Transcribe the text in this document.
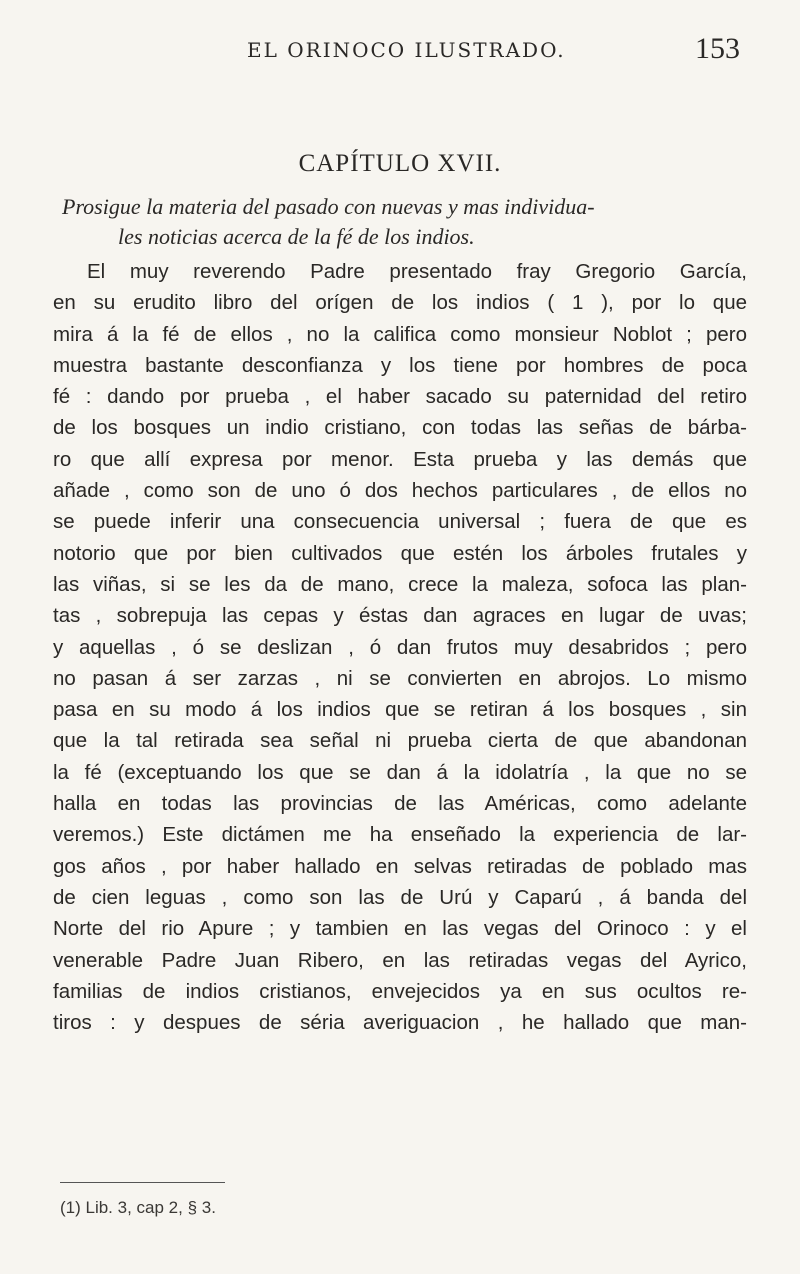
EL ORINOCO ILUSTRADO.	153
CAPÍTULO XVII.
Prosigue la materia del pasado con nuevas y mas individua-
les noticias acerca de la fé de los indios.
El muy reverendo Padre presentado fray Gregorio García,
en su erudito libro del orígen de los indios ( 1 ), por lo que
mira á la fé de ellos , no la califica como monsieur Noblot ; pero
muestra bastante desconfianza y los tiene por hombres de poca
fé : dando por prueba , el haber sacado su paternidad del retiro
de los bosques un indio cristiano, con todas las señas de bárba-
ro que allí expresa por menor. Esta prueba y las demás que
añade , como son de uno ó dos hechos particulares , de ellos no
se puede inferir una consecuencia universal ; fuera de que es
notorio que por bien cultivados que estén los árboles frutales y
las viñas, si se les da de mano, crece la maleza, sofoca las plan-
tas , sobrepuja las cepas y éstas dan agraces en lugar de uvas;
y aquellas , ó se deslizan , ó dan frutos muy desabridos ; pero
no pasan á ser zarzas , ni se convierten en abrojos. Lo mismo
pasa en su modo á los indios que se retiran á los bosques , sin
que la tal retirada sea señal ni prueba cierta de que abandonan
la fé (exceptuando los que se dan á la idolatría , la que no se
halla en todas las provincias de las Américas, como adelante
veremos.) Este dictámen me ha enseñado la experiencia de lar-
gos años , por haber hallado en selvas retiradas de poblado mas
de cien leguas , como son las de Urú y Caparú , á banda del
Norte del rio Apure ; y tambien en las vegas del Orinoco : y el
venerable Padre Juan Ribero, en las retiradas vegas del Ayrico,
familias de indios cristianos, envejecidos ya en sus ocultos re-
tiros : y despues de séria averiguacion , he hallado que man-
(1) Lib. 3, cap 2, § 3.
